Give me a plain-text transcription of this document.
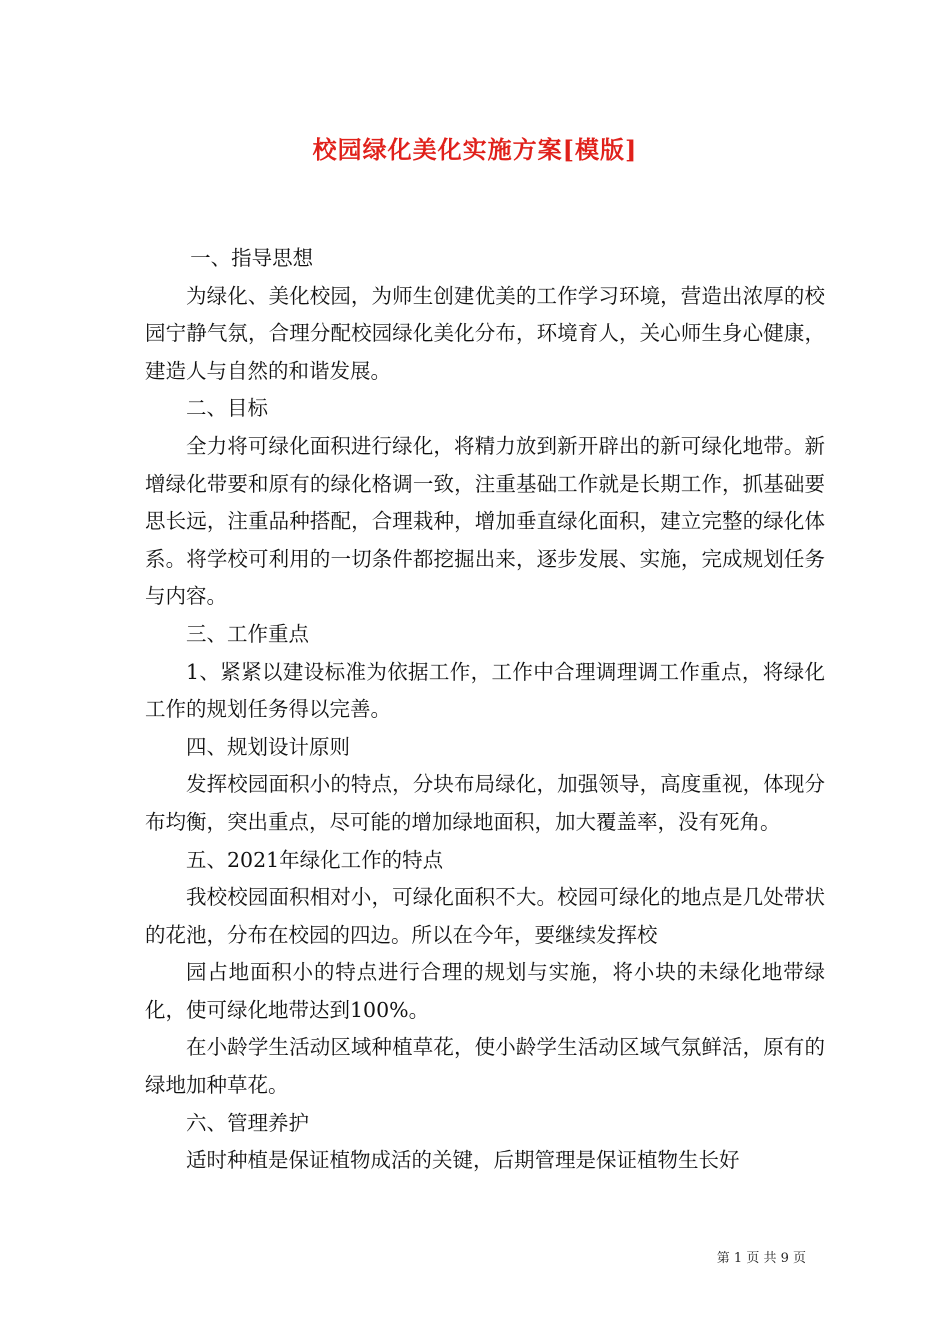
校园绿化美化实施方案[模版]

一、指导思想

为绿化、美化校园，为师生创建优美的工作学习环境，营造出浓厚的校园宁静气氛，合理分配校园绿化美化分布，环境育人，关心师生身心健康，建造人与自然的和谐发展。

二、目标

全力将可绿化面积进行绿化，将精力放到新开辟出的新可绿化地带。新增绿化带要和原有的绿化格调一致，注重基础工作就是长期工作，抓基础要思长远，注重品种搭配，合理栽种，增加垂直绿化面积，建立完整的绿化体系。将学校可利用的一切条件都挖掘出来，逐步发展、实施，完成规划任务与内容。

三、工作重点

1、紧紧以建设标准为依据工作，工作中合理调理调工作重点，将绿化工作的规划任务得以完善。

四、规划设计原则

发挥校园面积小的特点，分块布局绿化，加强领导，高度重视，体现分布均衡，突出重点，尽可能的增加绿地面积，加大覆盖率，没有死角。

五、2021年绿化工作的特点

我校校园面积相对小，可绿化面积不大。校园可绿化的地点是几处带状的花池，分布在校园的四边。所以在今年，要继续发挥校

园占地面积小的特点进行合理的规划与实施，将小块的未绿化地带绿化，使可绿化地带达到100%。

在小龄学生活动区域种植草花，使小龄学生活动区域气氛鲜活，原有的绿地加种草花。

六、管理养护

适时种植是保证植物成活的关键，后期管理是保证植物生长好

第 1 页 共 9 页
